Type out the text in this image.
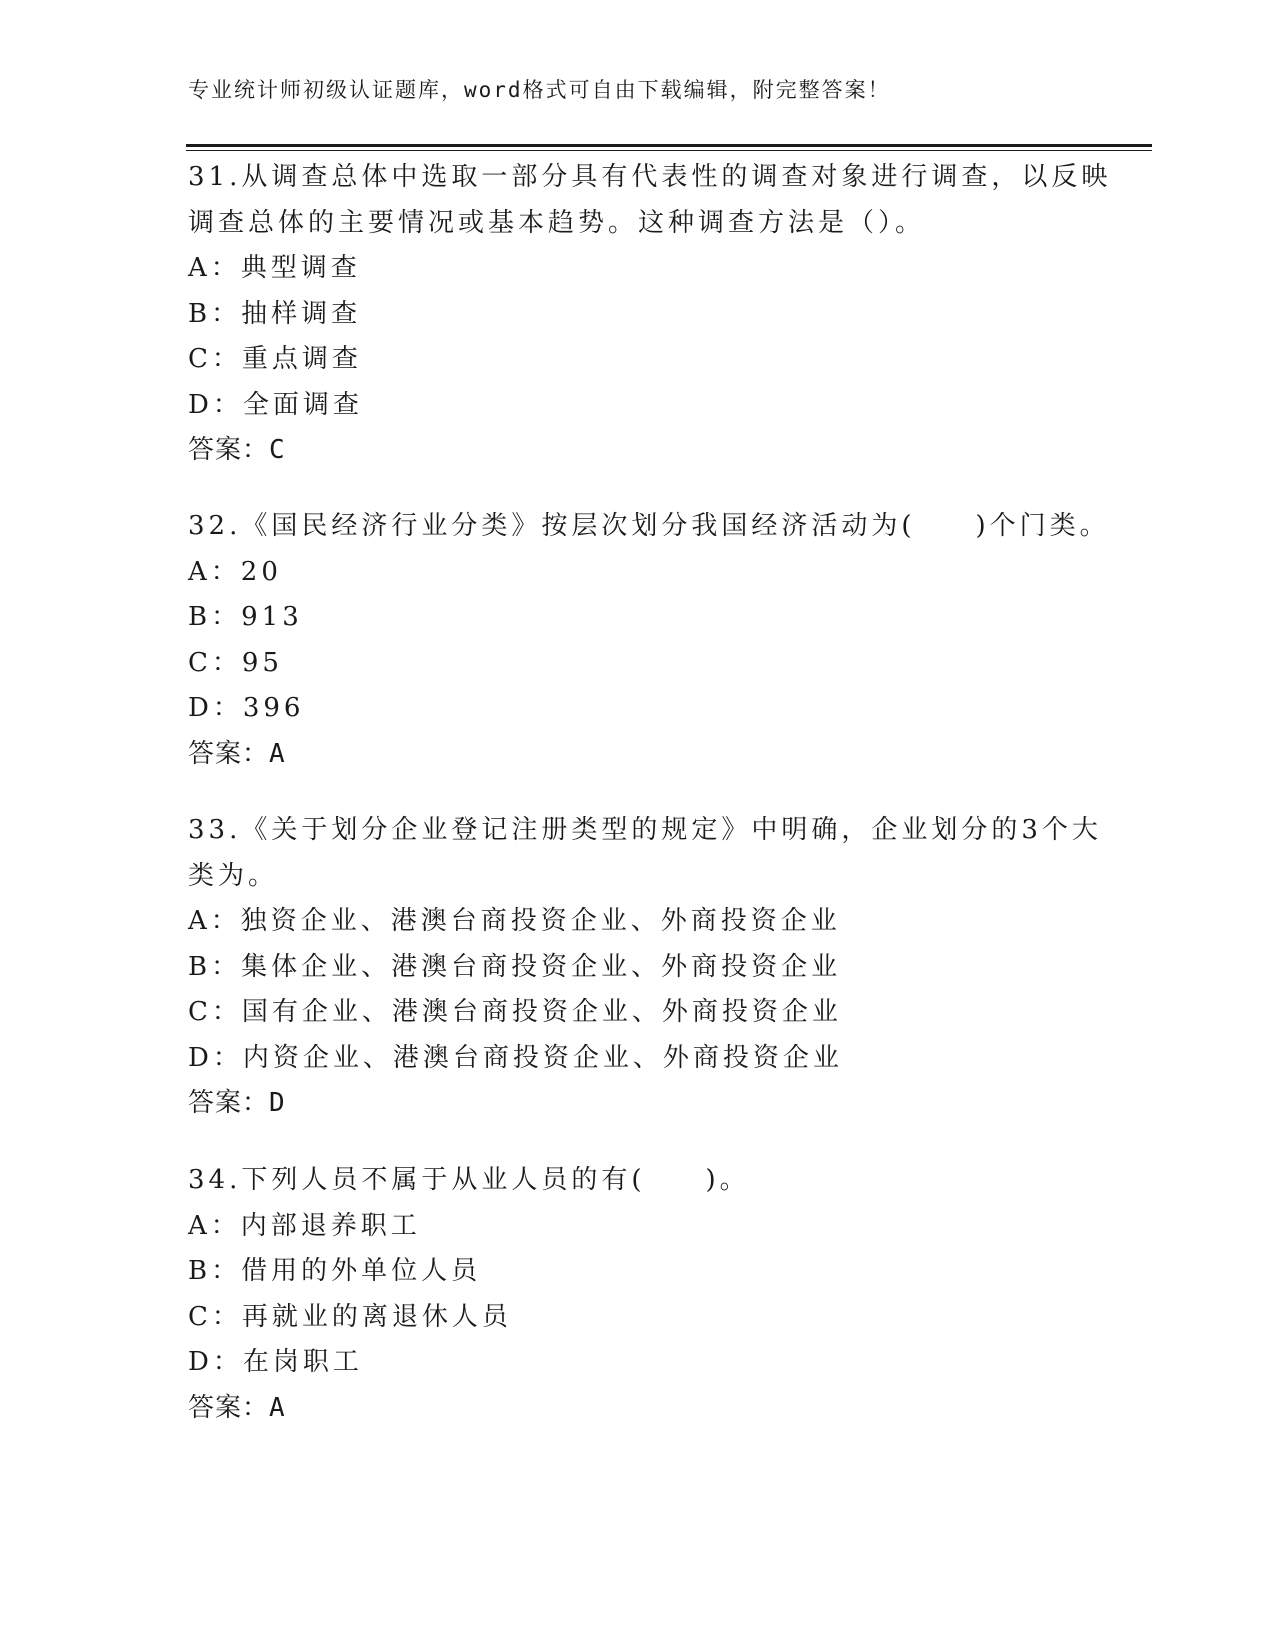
专业统计师初级认证题库，word格式可自由下载编辑，附完整答案！
31.从调查总体中选取一部分具有代表性的调查对象进行调查，以反映
调查总体的主要情况或基本趋势。这种调查方法是（）。
A：典型调查
B：抽样调查
C：重点调查
D：全面调查
答案：C
32.《国民经济行业分类》按层次划分我国经济活动为(　　)个门类。
A：20
B：913
C：95
D：396
答案：A
33.《关于划分企业登记注册类型的规定》中明确，企业划分的3个大
类为。
A：独资企业、港澳台商投资企业、外商投资企业
B：集体企业、港澳台商投资企业、外商投资企业
C：国有企业、港澳台商投资企业、外商投资企业
D：内资企业、港澳台商投资企业、外商投资企业
答案：D
34.下列人员不属于从业人员的有(　　)。
A：内部退养职工
B：借用的外单位人员
C：再就业的离退休人员
D：在岗职工
答案：A
